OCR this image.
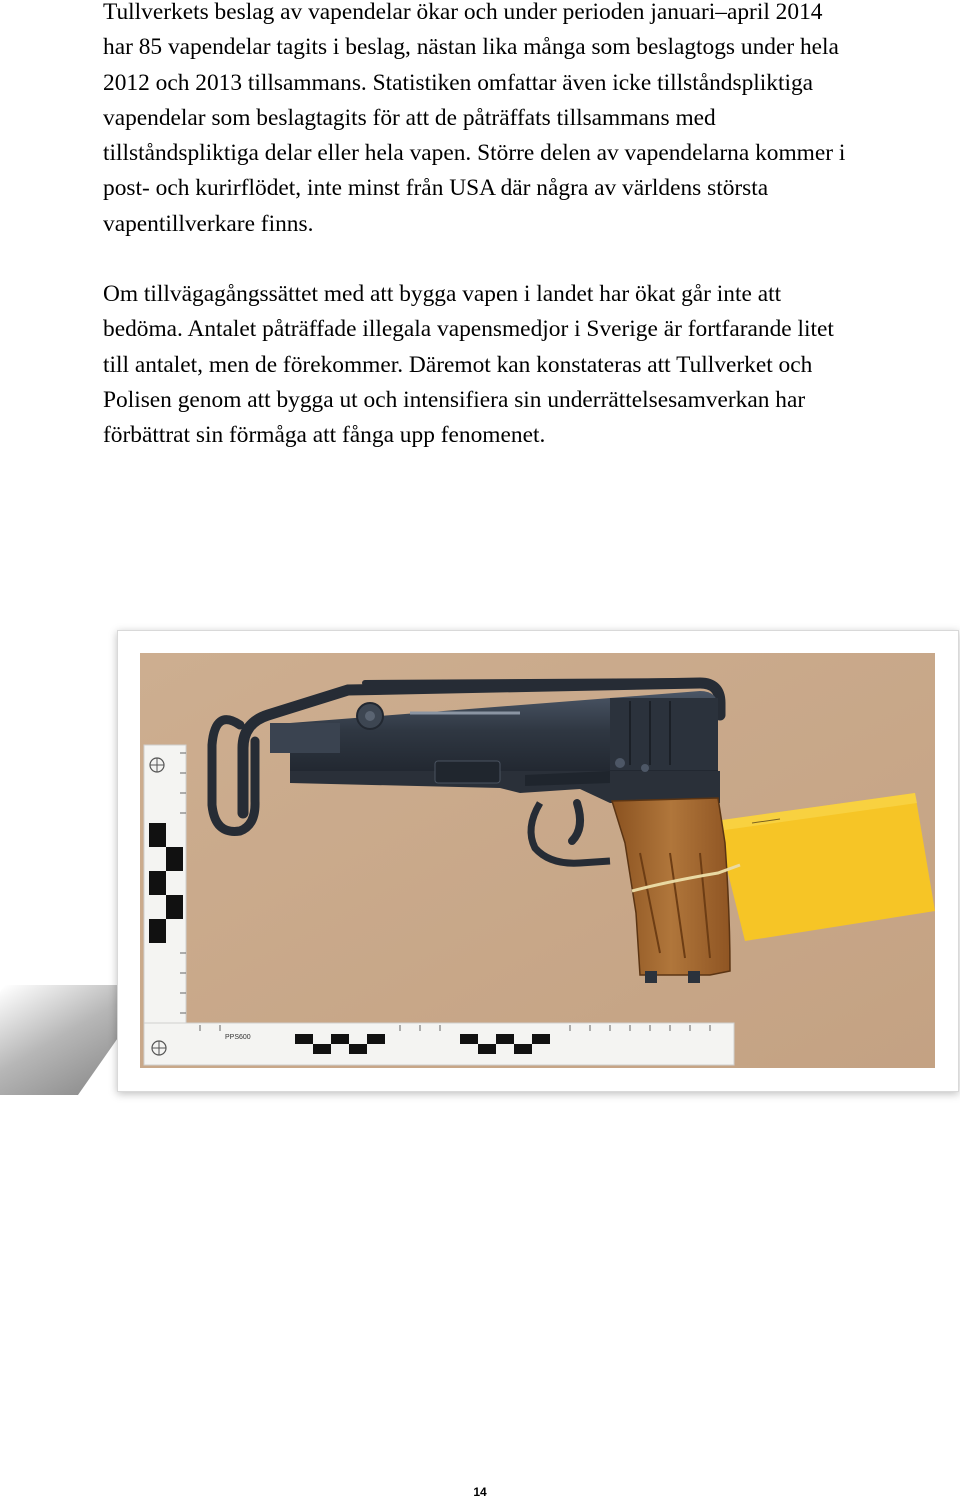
Tullverkets beslag av vapendelar ökar och under perioden januari–april 2014
har 85 vapendelar tagits i beslag, nästan lika många som beslagtogs under hela
2012 och 2013 tillsammans. Statistiken omfattar även icke tillståndspliktiga
vapendelar som beslagtagits för att de påträffats tillsammans med
tillståndspliktiga delar eller hela vapen. Större delen av vapendelarna kommer i
post- och kurirflödet, inte minst från USA där några av världens största
vapentillverkare finns.
Om tillvägagångssättet med att bygga vapen i landet har ökat går inte att
bedöma. Antalet påträffade illegala vapensmedjor i Sverige är fortfarande litet
till antalet, men de förekommer. Däremot kan konstateras att Tullverket och
Polisen genom att bygga ut och intensifiera sin underrättelsesamverkan har
förbättrat sin förmåga att fånga upp fenomenet.
PPS600
14
